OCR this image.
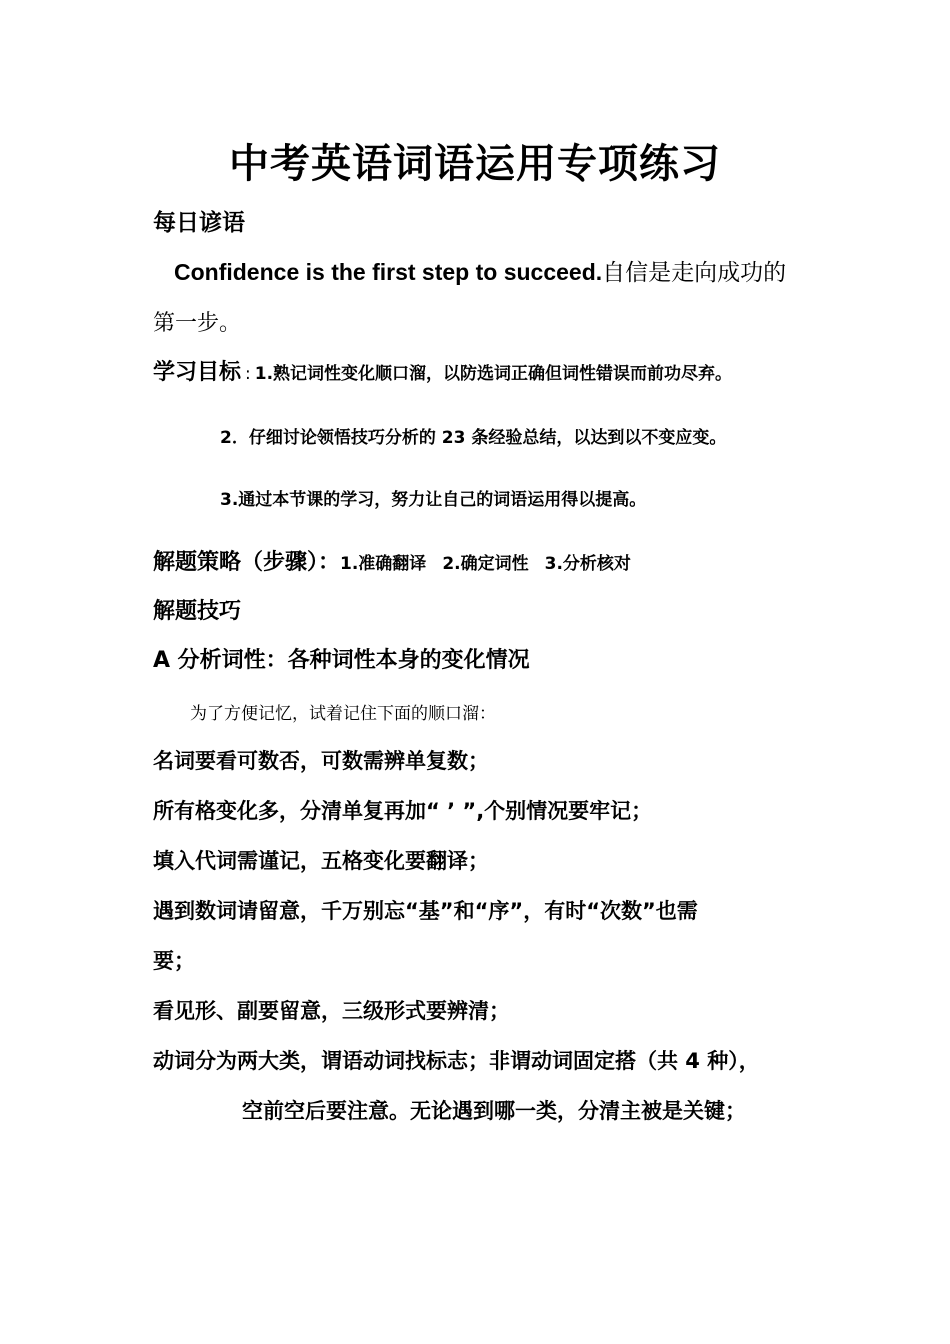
中考英语词语运用专项练习
每日谚语
Confidence is the first step to succeed.自信是走向成功的
第一步。
学习目标 : 1.熟记词性变化顺口溜，以防选词正确但词性错误而前功尽弃。
2．仔细讨论领悟技巧分析的 23 条经验总结，以达到以不变应变。
3.通过本节课的学习，努力让自己的词语运用得以提高。
解题策略（步骤）：1.准确翻译 2.确定词性 3.分析核对
解题技巧
A 分析词性：各种词性本身的变化情况
为了方便记忆，试着记住下面的顺口溜：
名词要看可数否，可数需辨单复数；
所有格变化多，分清单复再加“ ’ ”,个别情况要牢记；
填入代词需谨记，五格变化要翻译；
遇到数词请留意，千万别忘“基”和“序”，有时“次数”也需
要；
看见形、副要留意，三级形式要辨清；
动词分为两大类，谓语动词找标志；非谓动词固定搭（共 4 种），
空前空后要注意。无论遇到哪一类，分清主被是关键；
